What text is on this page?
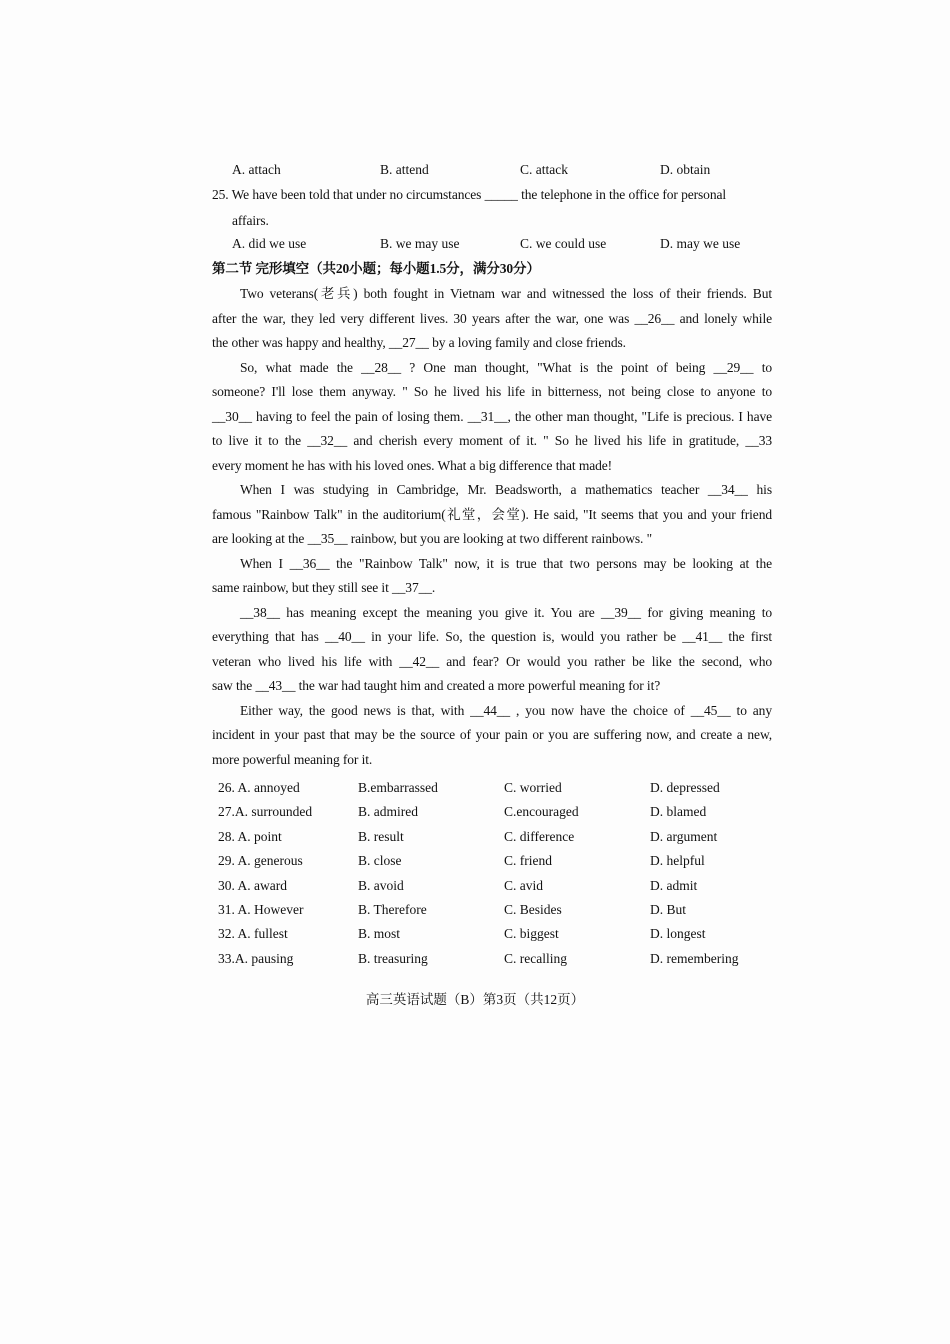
A. attach	B. attend	C. attack	D. obtain
25. We have been told that under no circumstances _____ the telephone in the office for personal
affairs.
A. did we use	B. we may use	C. we could use	D. may we use
第二节 完形填空（共20小题；每小题1.5分，满分30分）
Two veterans(老兵) both fought in Vietnam war and witnessed the loss of their friends. But
after the war, they led very different lives. 30 years after the war, one was __26__ and lonely while
the other was happy and healthy, __27__ by a loving family and close friends.
So, what made the __28__ ? One man thought, "What is the point of being __29__ to
someone? I'll lose them anyway. " So he lived his life in bitterness, not being close to anyone to
__30__ having to feel the pain of losing them. __31__, the other man thought, "Life is precious. I have
to live it to the __32__ and cherish every moment of it. " So he lived his life in gratitude, __33
every moment he has with his loved ones. What a big difference that made!
When I was studying in Cambridge, Mr. Beadsworth, a mathematics teacher __34__ his
famous "Rainbow Talk" in the auditorium(礼堂，会堂). He said, "It seems that you and your friend
are looking at the __35__ rainbow, but you are looking at two different rainbows. "
When I __36__ the "Rainbow Talk" now, it is true that two persons may be looking at the
same rainbow, but they still see it __37__.
__38__ has meaning except the meaning you give it. You are __39__ for giving meaning to
everything that has __40__ in your life. So, the question is, would you rather be __41__ the first
veteran who lived his life with __42__ and fear? Or would you rather be like the second, who
saw the __43__ the war had taught him and created a more powerful meaning for it?
Either way, the good news is that, with __44__ , you now have the choice of __45__ to any
incident in your past that may be the source of your pain or you are suffering now, and create a new,
more powerful meaning for it.
26. A. annoyed	B.embarrassed	C. worried	D. depressed
27.A. surrounded	B. admired	C.encouraged	D. blamed
28. A. point	B. result	C. difference	D. argument
29. A. generous	B. close	C. friend	D. helpful
30. A. award	B. avoid	C. avid	D. admit
31. A. However	B. Therefore	C. Besides	D. But
32. A. fullest	B. most	C. biggest	D. longest
33.A. pausing	B. treasuring	C. recalling	D. remembering
高三英语试题（B）第3页（共12页）
